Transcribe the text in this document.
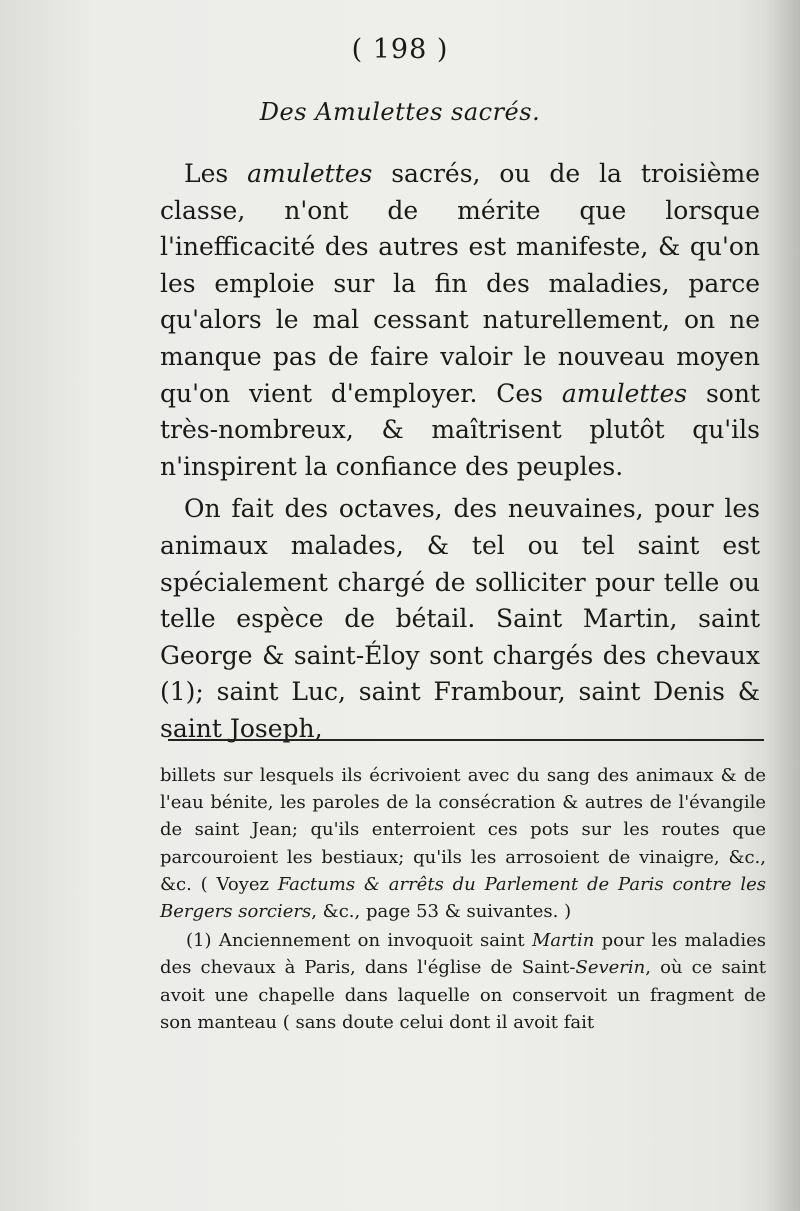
( 198 )
Des Amulettes sacrés.

Les amulettes sacrés, ou de la troisième classe, n'ont de mérite que lorsque l'inefficacité des autres est manifeste, & qu'on les emploie sur la fin des maladies, parce qu'alors le mal cessant naturellement, on ne manque pas de faire valoir le nouveau moyen qu'on vient d'employer. Ces amulettes sont très-nombreux, & maîtrisent plutôt qu'ils n'inspirent la confiance des peuples.

On fait des octaves, des neuvaines, pour les animaux malades, & tel ou tel saint est spécialement chargé de solliciter pour telle ou telle espèce de bétail. Saint Martin, saint George & saint-Éloy sont chargés des chevaux (1); saint Luc, saint Frambour, saint Denis & saint Joseph,

billets sur lesquels ils écrivoient avec du sang des animaux & de l'eau bénite, les paroles de la consécration & autres de l'évangile de saint Jean; qu'ils enterroient ces pots sur les routes que parcouroient les bestiaux; qu'ils les arrosoient de vinaigre, &c., &c. ( Voyez Factums & arrêts du Parlement de Paris contre les Bergers sorciers, &c., page 53 & suivantes. )

(1) Anciennement on invoquoit saint Martin pour les maladies des chevaux à Paris, dans l'église de Saint-Severin, où ce saint avoit une chapelle dans laquelle on conservoit un fragment de son manteau ( sans doute celui dont il avoit fait
